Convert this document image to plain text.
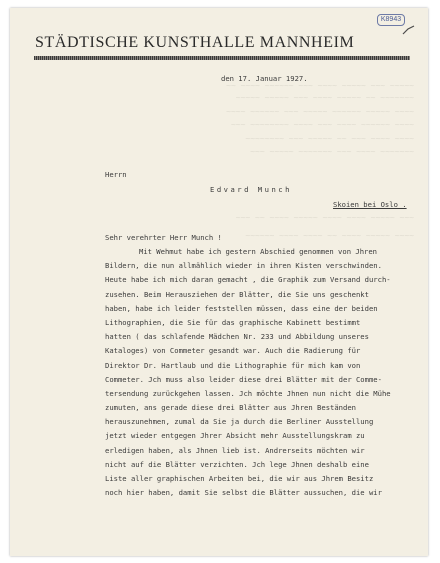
~~ ~~~~ ~~~~~~ ~~~ ~~~~ ~~~~~ ~~~ ~~~~~
~~~~~ ~~~~~ ~~~ ~~~~ ~~~~~ ~~ ~~~~~~~
~~~~ ~~~~~~ ~~~ ~~~~~ ~~~~~~ ~~~~~ ~~~~
~~~ ~~~~~~~~ ~~~~ ~~~ ~~~~ ~~~~~~ ~~~~
~~~~~~~~ ~~~ ~~~~~ ~~ ~~~ ~~~~ ~~~~
~~~ ~~~~~ ~~~~~~~ ~~~ ~~~~ ~~~~~~~
~~~ ~~ ~~~~ ~~~~~ ~~~~ ~~~~ ~~~~~ ~~~
~~~~~~ ~~~~ ~~~~ ~~ ~~~~ ~~~~~ ~~~~
K8943
STÄDTISCHE KUNSTHALLE MANNHEIM
den 17. Januar 1927.
Herrn
Edvard Munch
Skoien bei Oslo .
Sehr verehrter Herr Munch !
Mit Wehmut habe ich gestern Abschied genommen von Jhren
Bildern, die nun allmählich wieder in ihren Kisten verschwinden.
Heute habe ich mich daran gemacht , die Graphik zum Versand durch-
zusehen. Beim Herausziehen der Blätter, die Sie uns geschenkt
haben, habe ich leider feststellen müssen, dass eine der beiden
Lithographien, die Sie für das graphische Kabinett bestimmt
hatten ( das schlafende Mädchen Nr. 233 und Abbildung unseres
Kataloges) von Commeter gesandt war. Auch die Radierung für
Direktor Dr. Hartlaub und die Lithographie für mich kam von
Commeter. Jch muss also leider diese drei Blätter mit der Comme-
tersendung zurückgehen lassen. Jch möchte Jhnen nun nicht die Mühe
zumuten, ans gerade diese drei Blätter aus Jhren Beständen
herauszunehmen, zumal da Sie ja durch die Berliner Ausstellung
jetzt wieder entgegen Jhrer Absicht mehr Ausstellungskram zu
erledigen haben, als Jhnen lieb ist. Andrerseits möchten wir
nicht auf die Blätter verzichten. Jch lege Jhnen deshalb eine
Liste aller graphischen Arbeiten bei, die wir aus Jhrem Besitz
noch hier haben, damit Sie selbst die Blätter aussuchen, die wir
